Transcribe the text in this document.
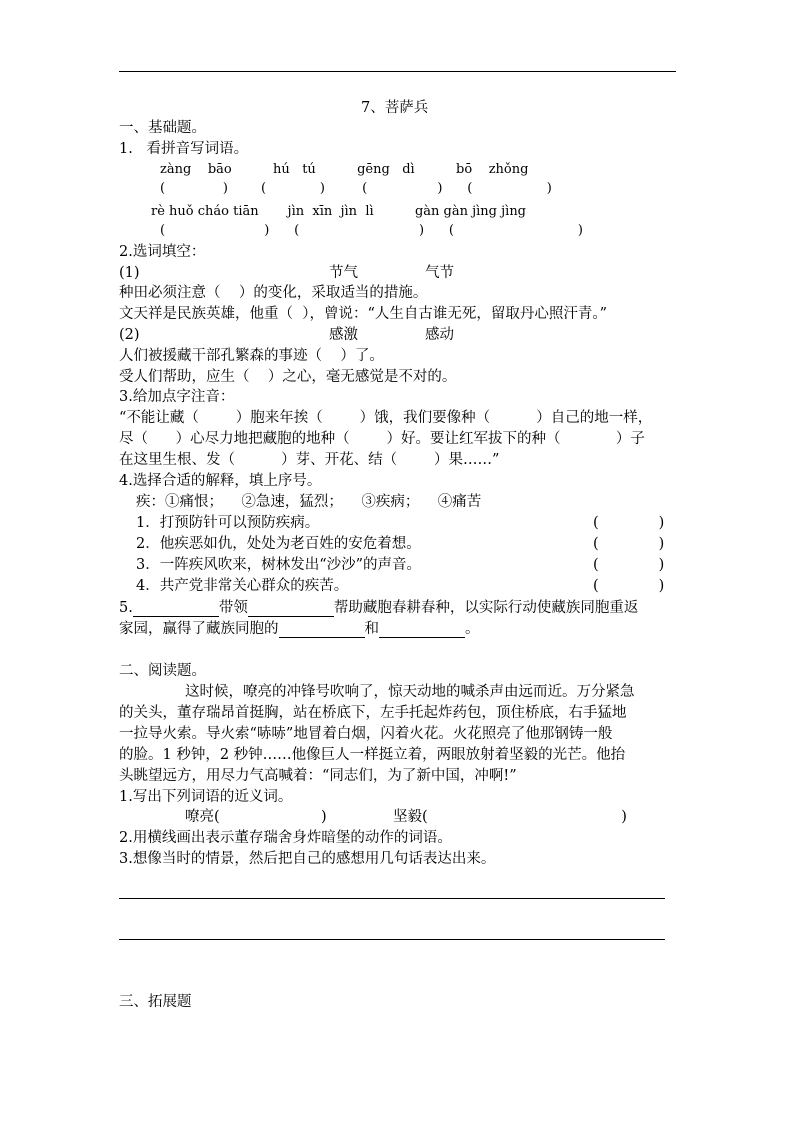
7、菩萨兵
一、基础题。
1.   看拼音写词语。
zàng    bāo          hú   tú          gēng   dì          bō    zhǒng
(              )        (             )         (                 )      (                  )
rè huǒ cháo tiān       jìn  xīn  jìn  lì          gàn gàn jìng jìng
(                        )      (                             )      (                              )
2.选词填空：
(1)	节气	气节
种田必须注意（    ）的变化，采取适当的措施。
文天祥是民族英雄，他重（  ），曾说：“人生自古谁无死，留取丹心照汗青。”
(2)	感激	感动
人们被援藏干部孔繁森的事迹（    ）了。
受人们帮助，应生（    ）之心，毫无感觉是不对的。
3.给加点字注音：
“不能让藏（        ）胞来年挨（        ）饿，我们要像种（          ）自己的地一样，
尽（      ）心尽力地把藏胞的地种（        ）好。要让红军拔下的种（            ）子
在这里生根、发（          ）芽、开花、结（        ）果……”
4.选择合适的解释，填上序号。
疾：①痛恨；    ②急速，猛烈；    ③疾病；    ④痛苦
1．打预防针可以预防疾病。	(             )
2．他疾恶如仇，处处为老百姓的安危着想。	(             )
3．一阵疾风吹来，树林发出“沙沙”的声音。	(             )
4．共产党非常关心群众的疾苦。	(             )
5.	带领	帮助藏胞春耕春种，以实际行动使藏族同胞重返
家园，赢得了藏族同胞的	和	。
二、阅读题。
这时候，嘹亮的冲锋号吹响了，惊天动地的喊杀声由远而近。万分紧急
的关头，董存瑞昂首挺胸，站在桥底下，左手托起炸药包，顶住桥底，右手猛地
一拉导火索。导火索“哧哧”地冒着白烟，闪着火花。火花照亮了他那钢铸一般
的脸。1 秒钟，2 秒钟……他像巨人一样挺立着，两眼放射着坚毅的光芒。他抬
头眺望远方，用尽力气高喊着：“同志们，为了新中国，冲啊!”
1.写出下列词语的近义词。
嘹亮(                      )	坚毅(                                          )
2.用横线画出表示董存瑞舍身炸暗堡的动作的词语。
3.想像当时的情景，然后把自己的感想用几句话表达出来。
三、拓展题
